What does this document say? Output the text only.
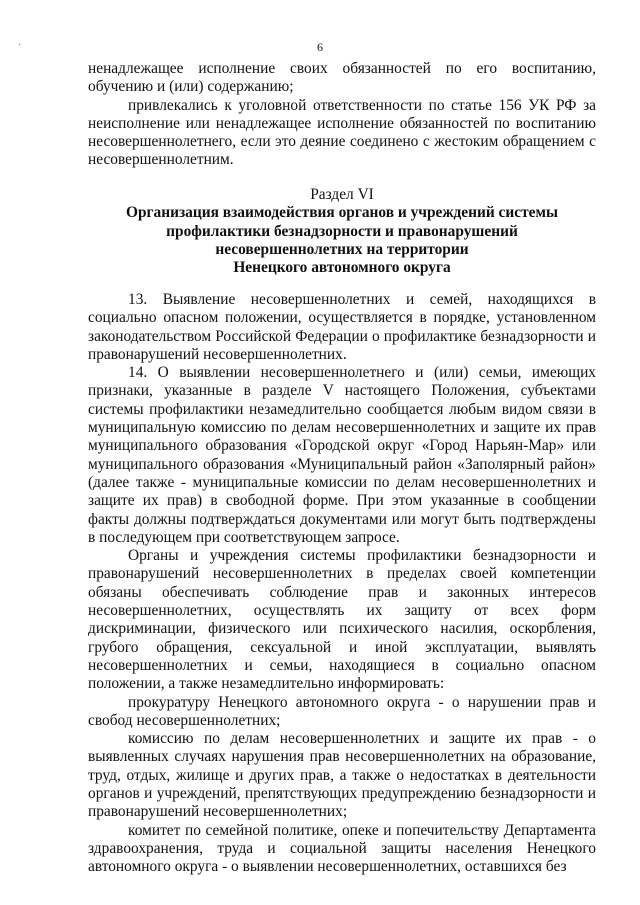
·	6

ненадлежащее исполнение своих обязанностей по его воспитанию, обучению и (или) содержанию;

привлекались к уголовной ответственности по статье 156 УК РФ за неисполнение или ненадлежащее исполнение обязанностей по воспитанию несовершеннолетнего, если это деяние соединено с жестоким обращением с несовершеннолетним.

Раздел VI

Организация взаимодействия органов и учреждений системы

профилактики безнадзорности и правонарушений

несовершеннолетних на территории

Ненецкого автономного округа

13. Выявление несовершеннолетних и семей, находящихся в социально опасном положении, осуществляется в порядке, установленном законодательством Российской Федерации о профилактике безнадзорности и правонарушений несовершеннолетних.

14. О выявлении несовершеннолетнего и (или) семьи, имеющих признаки, указанные в разделе V настоящего Положения, субъектами системы профилактики незамедлительно сообщается любым видом связи в муниципальную комиссию по делам несовершеннолетних и защите их прав муниципального образования «Городской округ «Город Нарьян-Мар» или муниципального образования «Муниципальный район «Заполярный район» (далее также - муниципальные комиссии по делам несовершеннолетних и защите их прав) в свободной форме. При этом указанные в сообщении факты должны подтверждаться документами или могут быть подтверждены в последующем при соответствующем запросе.

Органы и учреждения системы профилактики безнадзорности и правонарушений несовершеннолетних в пределах своей компетенции обязаны обеспечивать соблюдение прав и законных интересов несовершеннолетних, осуществлять их защиту от всех форм дискриминации, физического или психического насилия, оскорбления, грубого обращения, сексуальной и иной эксплуатации, выявлять несовершеннолетних и семьи, находящиеся в социально опасном положении, а также незамедлительно информировать:

прокуратуру Ненецкого автономного округа - о нарушении прав и свобод несовершеннолетних;

комиссию по делам несовершеннолетних и защите их прав - о выявленных случаях нарушения прав несовершеннолетних на образование, труд, отдых, жилище и других прав, а также о недостатках в деятельности органов и учреждений, препятствующих предупреждению безнадзорности и правонарушений несовершеннолетних;

комитет по семейной политике, опеке и попечительству Департамента здравоохранения, труда и социальной защиты населения Ненецкого автономного округа - о выявлении несовершеннолетних, оставшихся без
